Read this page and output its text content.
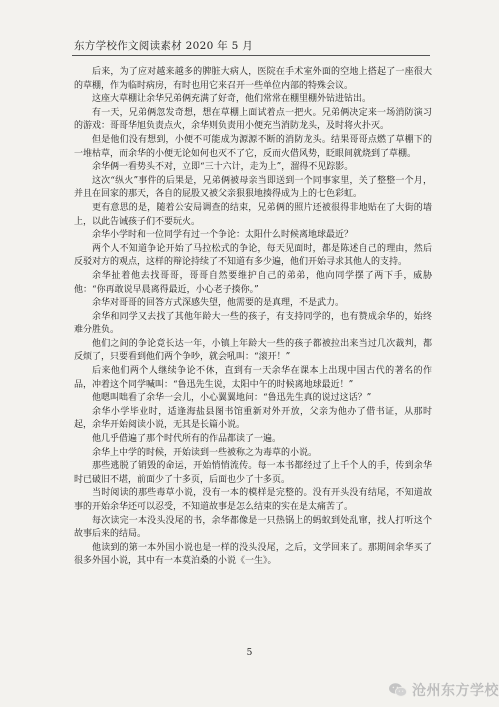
东方学校作文阅读素材 2020 年 5 月

后来，为了应对越来越多的脾脏大病人，医院在手术室外面的空地上搭起了一座很大的草棚，作为临时病房，有时也用它来召开一些单位内部的特殊会议。

这座大草棚让余华兄弟俩充满了好奇，他们常常在棚里棚外钻进钻出。

有一天，兄弟俩忽发奇想，想在草棚上面试着点一把火。兄弟俩决定来一场消防演习的游戏：哥哥华旭负责点火，余华则负责用小便充当消防龙头，及时将火扑灭。

但是他们没有想到，小便不可能成为源源不断的消防龙头。结果哥哥点燃了草棚下的一堆枯草，而余华的小便无论如何也灭不了它，反而火借风势，眨眼间就烧到了草棚。

余华俩一看势头不对，立即“三十六计，走为上”，溜得不见踪影。

这次“纵火”事件的后果是，兄弟俩被母亲当即送到一个同事家里，关了整整一个月，并且在回家的那天，各自的屁股又被父亲狠狠地揍得成为上的七色彩虹。

更有意思的是，随着公安局调查的结束，兄弟俩的照片还被很得非地贴在了大街的墙上，以此告诫孩子们不要玩火。

余华小学时和一位同学有过一个争论：太阳什么时候离地球最近？

两个人不知道争论开始了马拉松式的争论，每天见面时，都是陈述自己的理由，然后反驳对方的观点，这样的辩论持续了不知道有多少遍，他们开始寻求其他人的支持。

余华扯着他去找哥哥，哥哥自然要维护自己的弟弟，他向同学摆了两下手，威胁他：“你再敢说早晨离得最近，小心老子揍你。”

余华对哥哥的回答方式深感失望，他需要的是真理，不是武力。

余华和同学又去找了其他年龄大一些的孩子，有支持同学的，也有赞成余华的，始终难分胜负。

他们之间的争论竟长达一年，小镇上年龄大一些的孩子都被拉出来当过几次裁判，都反烦了，只要看到他们两个争吵，就会吼叫：“滚开！”

后来他们两个人继续争论不休，直到有一天余华在课本上出现中国古代的著名的作品，冲着这个同学喊叫：“鲁迅先生说，太阳中午的时候离地球最近！”

他嗯叫咄看了余华一会儿，小心翼翼地问：“鲁迅先生真的说过这话？”

余华小学毕业时，适逢海盐县图书馆重新对外开放，父亲为他办了借书证，从那时起，余华开始阅读小说，无其是长篇小说。

他几乎借遍了那个时代所有的作品都读了一遍。

余华上中学的时候，开始读到一些被称之为毒草的小说。

那些逃脱了销毁的命运，开始悄悄流传。每一本书都经过了上千个人的手，传到余华时已破旧不堪，前面少了十多页，后面也少了十多页。

当时阅读的那些毒草小说，没有一本的模样是完整的。没有开头没有结尾，不知道故事的开始余华还可以忍受，不知道故事是怎么结束的实在是太痛苦了。

每次读完一本没头没尾的书，余华都像是一只热锅上的蚂蚁到处乱窜，找人打听这个故事后来的结局。

他读到的第一本外国小说也是一样的没头没尾，之后，文学回来了。那期间余华买了很多外国小说，其中有一本莫泊桑的小说《一生》。

5
沧州东方学校
